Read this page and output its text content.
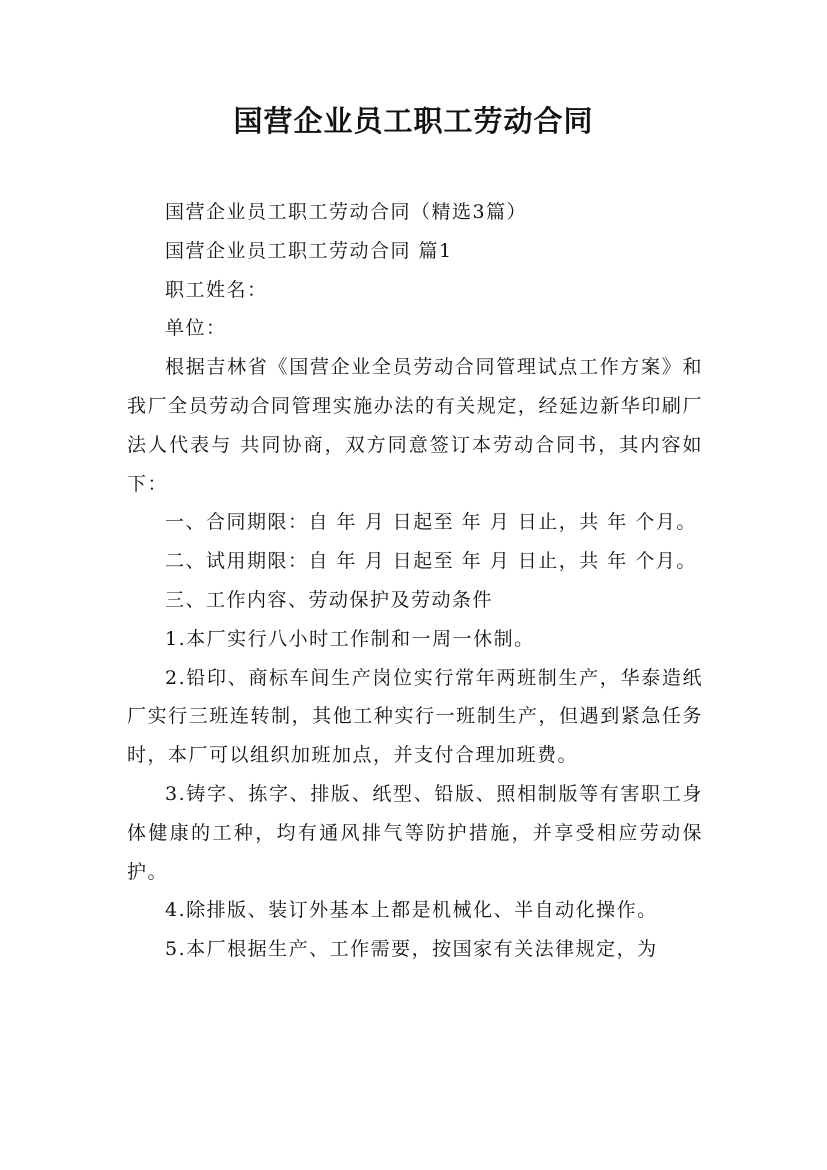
国营企业员工职工劳动合同

国营企业员工职工劳动合同（精选3篇）

国营企业员工职工劳动合同 篇1

职工姓名：

单位：

根据吉林省《国营企业全员劳动合同管理试点工作方案》和我厂全员劳动合同管理实施办法的有关规定，经延边新华印刷厂法人代表与 共同协商，双方同意签订本劳动合同书，其内容如下：

一、合同期限：自 年 月 日起至 年 月 日止，共 年 个月。

二、试用期限：自 年 月 日起至 年 月 日止，共 年 个月。

三、工作内容、劳动保护及劳动条件

1.本厂实行八小时工作制和一周一休制。

2.铅印、商标车间生产岗位实行常年两班制生产，华泰造纸厂实行三班连转制，其他工种实行一班制生产，但遇到紧急任务时，本厂可以组织加班加点，并支付合理加班费。

3.铸字、拣字、排版、纸型、铅版、照相制版等有害职工身体健康的工种，均有通风排气等防护措施，并享受相应劳动保护。

4.除排版、装订外基本上都是机械化、半自动化操作。

5.本厂根据生产、工作需要，按国家有关法律规定，为
